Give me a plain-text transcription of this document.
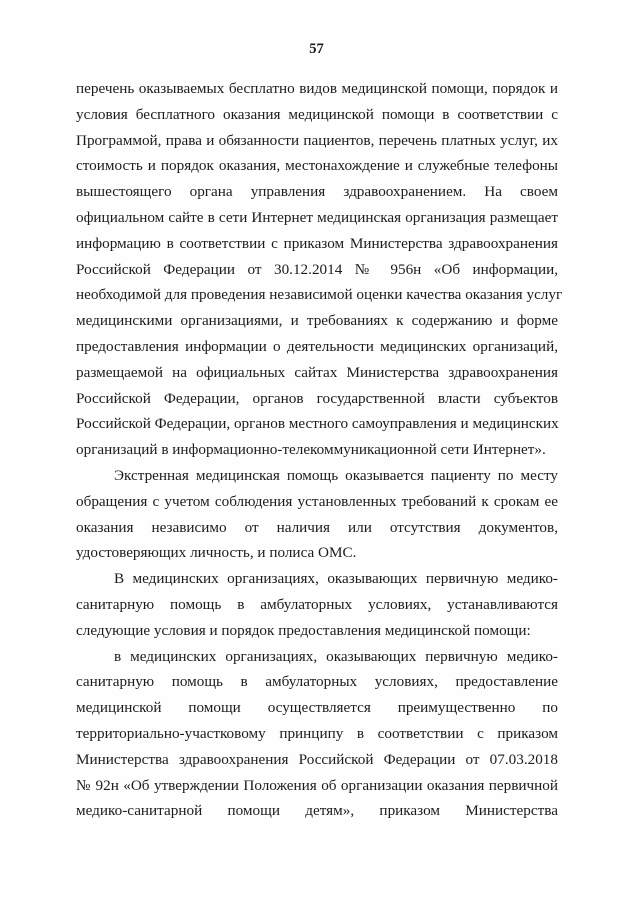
57

перечень оказываемых бесплатно видов медицинской помощи, порядок и
условия бесплатного оказания медицинской помощи в соответствии с
Программой, права и обязанности пациентов, перечень платных услуг, их
стоимость и порядок оказания, местонахождение и служебные телефоны
вышестоящего органа управления здравоохранением. На своем
официальном сайте в сети Интернет медицинская организация размещает
информацию в соответствии с приказом Министерства здравоохранения
Российской Федерации от 30.12.2014 № 956н «Об информации,
необходимой для проведения независимой оценки качества оказания услуг
медицинскими организациями, и требованиях к содержанию и форме
предоставления информации о деятельности медицинских организаций,
размещаемой на официальных сайтах Министерства здравоохранения
Российской Федерации, органов государственной власти субъектов
Российской Федерации, органов местного самоуправления и медицинских
организаций в информационно-телекоммуникационной сети Интернет».

Экстренная медицинская помощь оказывается пациенту по месту
обращения с учетом соблюдения установленных требований к срокам ее
оказания независимо от наличия или отсутствия документов,
удостоверяющих личность, и полиса ОМС.

В медицинских организациях, оказывающих первичную медико-
санитарную помощь в амбулаторных условиях, устанавливаются
следующие условия и порядок предоставления медицинской помощи:

в медицинских организациях, оказывающих первичную медико-
санитарную помощь в амбулаторных условиях, предоставление
медицинской помощи осуществляется преимущественно по
территориально-участковому принципу в соответствии с приказом
Министерства здравоохранения Российской Федерации от 07.03.2018
№ 92н «Об утверждении Положения об организации оказания первичной
медико-санитарной помощи детям», приказом Министерства
